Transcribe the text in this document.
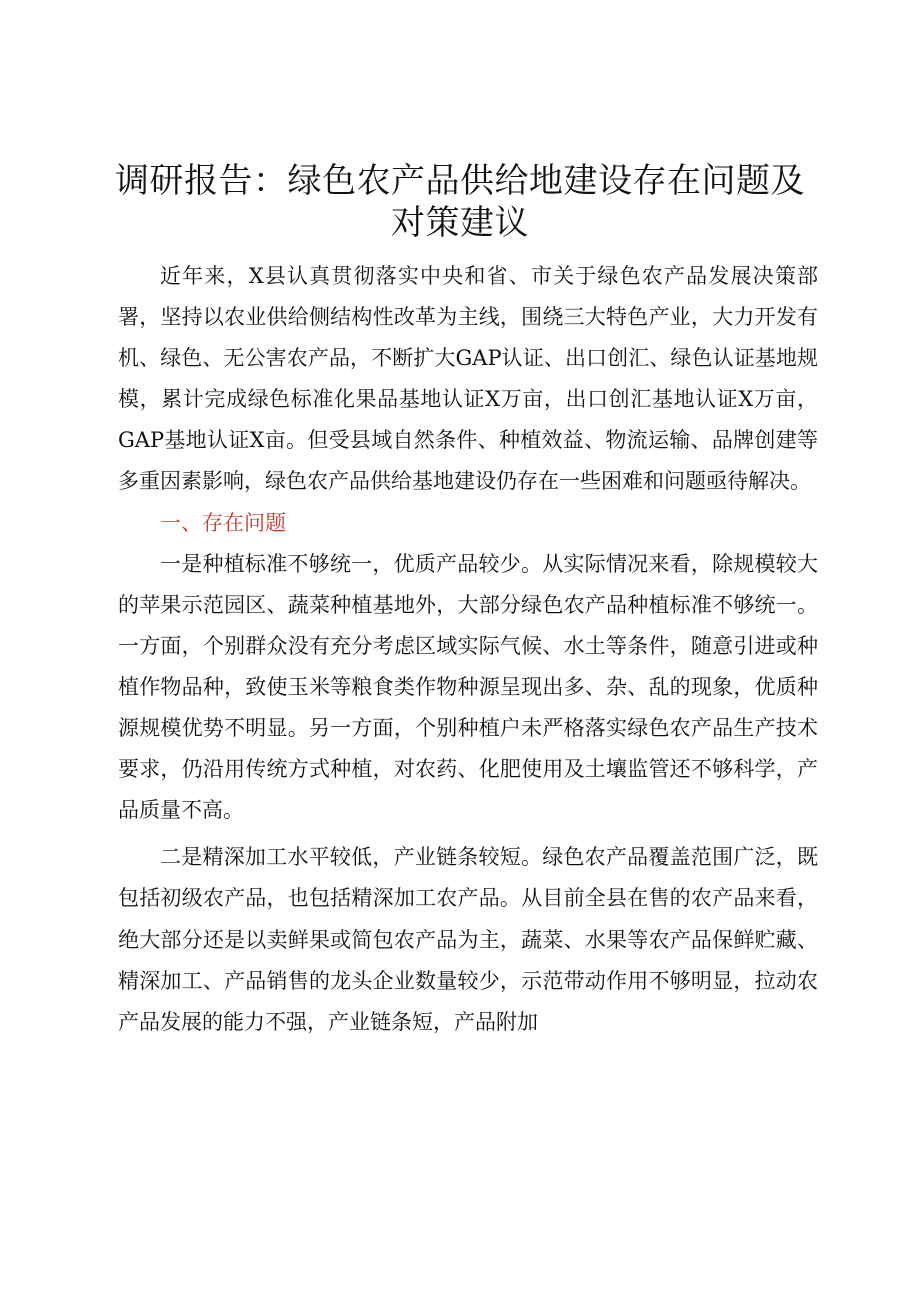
调研报告：绿色农产品供给地建设存在问题及
对策建议

近年来，X县认真贯彻落实中央和省、市关于绿色农产品发展决策部署，坚持以农业供给侧结构性改革为主线，围绕三大特色产业，大力开发有机、绿色、无公害农产品，不断扩大GAP认证、出口创汇、绿色认证基地规模，累计完成绿色标准化果品基地认证X万亩，出口创汇基地认证X万亩，GAP基地认证X亩。但受县域自然条件、种植效益、物流运输、品牌创建等多重因素影响，绿色农产品供给基地建设仍存在一些困难和问题亟待解决。

一、存在问题

一是种植标准不够统一，优质产品较少。从实际情况来看，除规模较大的苹果示范园区、蔬菜种植基地外，大部分绿色农产品种植标准不够统一。一方面，个别群众没有充分考虑区域实际气候、水土等条件，随意引进或种植作物品种，致使玉米等粮食类作物种源呈现出多、杂、乱的现象，优质种源规模优势不明显。另一方面，个别种植户未严格落实绿色农产品生产技术要求，仍沿用传统方式种植，对农药、化肥使用及土壤监管还不够科学，产品质量不高。

二是精深加工水平较低，产业链条较短。绿色农产品覆盖范围广泛，既包括初级农产品，也包括精深加工农产品。从目前全县在售的农产品来看，绝大部分还是以卖鲜果或简包农产品为主，蔬菜、水果等农产品保鲜贮藏、精深加工、产品销售的龙头企业数量较少，示范带动作用不够明显，拉动农产品发展的能力不强，产业链条短，产品附加
